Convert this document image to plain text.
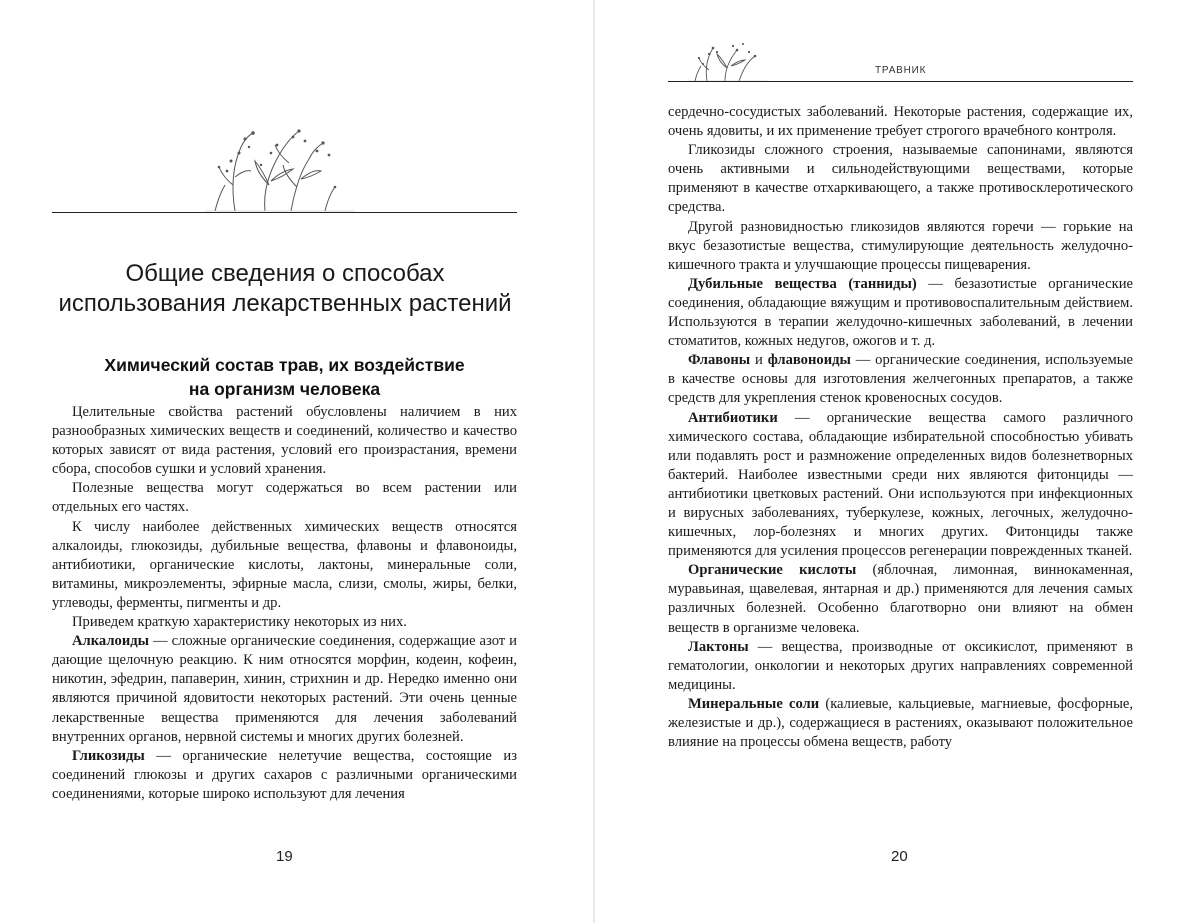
Общие сведения о способах
использования лекарственных растений
Химический состав трав, их воздействие
на организм человека

Целительные свойства растений обусловлены наличием в них разнообразных химических веществ и соединений, количество и качество которых зависят от вида растения, условий его произрастания, времени сбора, способов сушки и условий хранения.

Полезные вещества могут содержаться во всем растении или отдельных его частях.

К числу наиболее действенных химических веществ относятся алкалоиды, глюкозиды, дубильные вещества, флавоны и флавоноиды, антибиотики, органические кислоты, лактоны, минеральные соли, витамины, микроэлементы, эфирные масла, слизи, смолы, жиры, белки, углеводы, ферменты, пигменты и др.

Приведем краткую характеристику некоторых из них.

Алкалоиды — сложные органические соединения, содержащие азот и дающие щелочную реакцию. К ним относятся морфин, кодеин, кофеин, никотин, эфедрин, папаверин, хинин, стрихнин и др. Нередко именно они являются причиной ядовитости некоторых растений. Эти очень ценные лекарственные вещества применяются для лечения заболеваний внутренних органов, нервной системы и многих других болезней.

Гликозиды — органические нелетучие вещества, состоящие из соединений глюкозы и других сахаров с различными органическими соединениями, которые широко используют для лечения

19
ТРАВНИК

сердечно-сосудистых заболеваний. Некоторые растения, содержащие их, очень ядовиты, и их применение требует строгого врачебного контроля.

Гликозиды сложного строения, называемые сапонинами, являются очень активными и сильнодействующими веществами, которые применяют в качестве отхаркивающего, а также противосклеротического средства.

Другой разновидностью гликозидов являются горечи — горькие на вкус безазотистые вещества, стимулирующие деятельность желудочно-кишечного тракта и улучшающие процессы пищеварения.

Дубильные вещества (танниды) — безазотистые органические соединения, обладающие вяжущим и противовоспалительным действием. Используются в терапии желудочно-кишечных заболеваний, в лечении стоматитов, кожных недугов, ожогов и т. д.

Флавоны и флавоноиды — органические соединения, используемые в качестве основы для изготовления желчегонных препаратов, а также средств для укрепления стенок кровеносных сосудов.

Антибиотики — органические вещества самого различного химического состава, обладающие избирательной способностью убивать или подавлять рост и размножение определенных видов болезнетворных бактерий. Наиболее известными среди них являются фитонциды — антибиотики цветковых растений. Они используются при инфекционных и вирусных заболеваниях, туберкулезе, кожных, легочных, желудочно-кишечных, лор-болезнях и многих других. Фитонциды также применяются для усиления процессов регенерации поврежденных тканей.

Органические кислоты (яблочная, лимонная, виннокаменная, муравьиная, щавелевая, янтарная и др.) применяются для лечения самых различных болезней. Особенно благотворно они влияют на обмен веществ в организме человека.

Лактоны — вещества, производные от оксикислот, применяют в гематологии, онкологии и некоторых других направлениях современной медицины.

Минеральные соли (калиевые, кальциевые, магниевые, фосфорные, железистые и др.), содержащиеся в растениях, оказывают положительное влияние на процессы обмена веществ, работу

20
